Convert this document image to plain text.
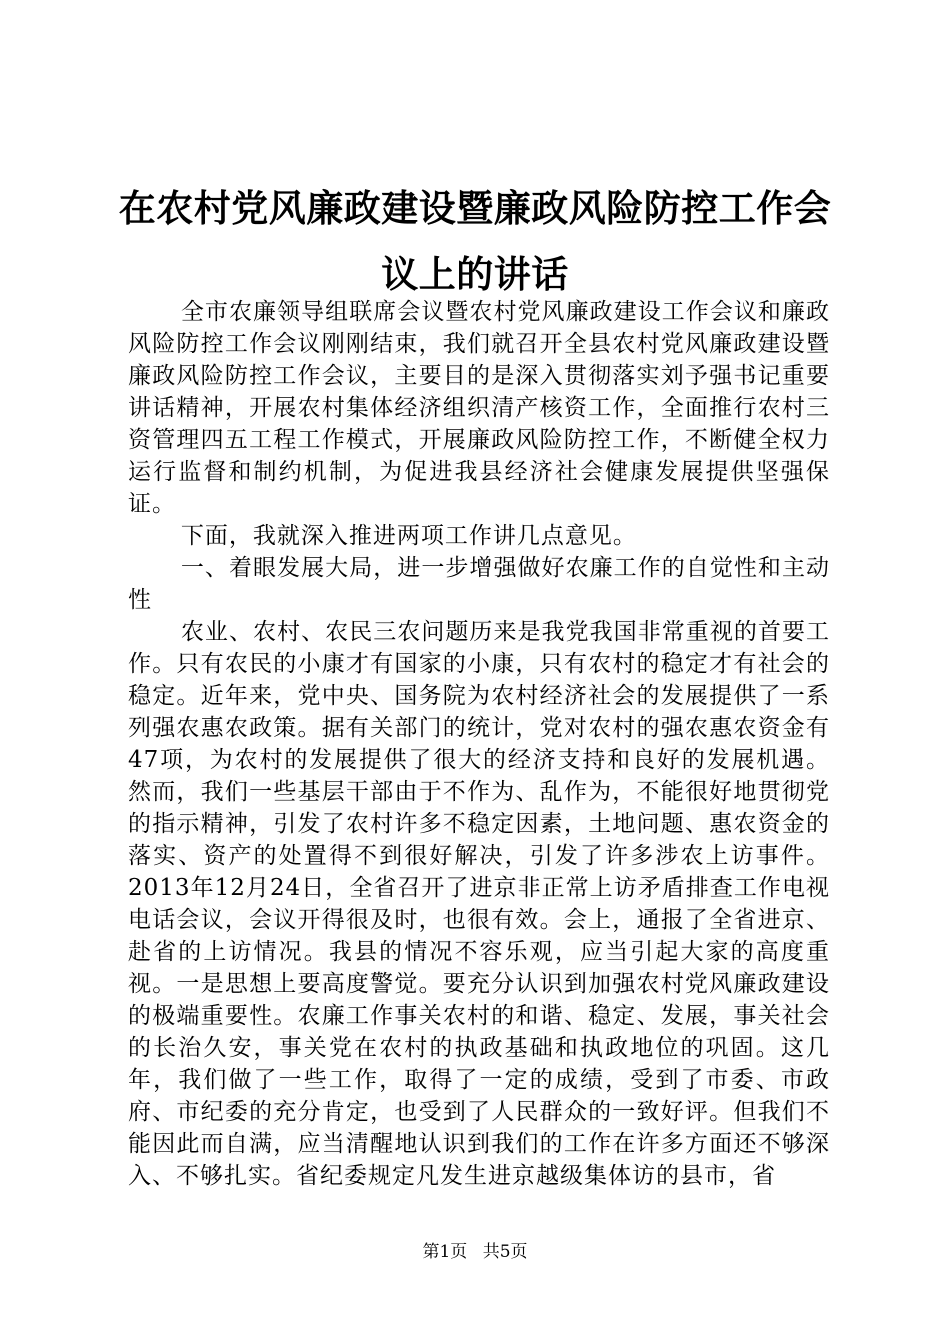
在农村党风廉政建设暨廉政风险防控工作会议上的讲话

全市农廉领导组联席会议暨农村党风廉政建设工作会议和廉政风险防控工作会议刚刚结束，我们就召开全县农村党风廉政建设暨廉政风险防控工作会议，主要目的是深入贯彻落实刘予强书记重要讲话精神，开展农村集体经济组织清产核资工作，全面推行农村三资管理四五工程工作模式，开展廉政风险防控工作，不断健全权力运行监督和制约机制，为促进我县经济社会健康发展提供坚强保证。

下面，我就深入推进两项工作讲几点意见。

一、着眼发展大局，进一步增强做好农廉工作的自觉性和主动性

农业、农村、农民三农问题历来是我党我国非常重视的首要工作。只有农民的小康才有国家的小康，只有农村的稳定才有社会的稳定。近年来，党中央、国务院为农村经济社会的发展提供了一系列强农惠农政策。据有关部门的统计，党对农村的强农惠农资金有47项，为农村的发展提供了很大的经济支持和良好的发展机遇。然而，我们一些基层干部由于不作为、乱作为，不能很好地贯彻党的指示精神，引发了农村许多不稳定因素，土地问题、惠农资金的落实、资产的处置得不到很好解决，引发了许多涉农上访事件。2013年12月24日，全省召开了进京非正常上访矛盾排查工作电视电话会议，会议开得很及时，也很有效。会上，通报了全省进京、赴省的上访情况。我县的情况不容乐观，应当引起大家的高度重视。一是思想上要高度警觉。要充分认识到加强农村党风廉政建设的极端重要性。农廉工作事关农村的和谐、稳定、发展，事关社会的长治久安，事关党在农村的执政基础和执政地位的巩固。这几年，我们做了一些工作，取得了一定的成绩，受到了市委、市政府、市纪委的充分肯定，也受到了人民群众的一致好评。但我们不能因此而自满，应当清醒地认识到我们的工作在许多方面还不够深入、不够扎实。省纪委规定凡发生进京越级集体访的县市，省

第1页 共5页
